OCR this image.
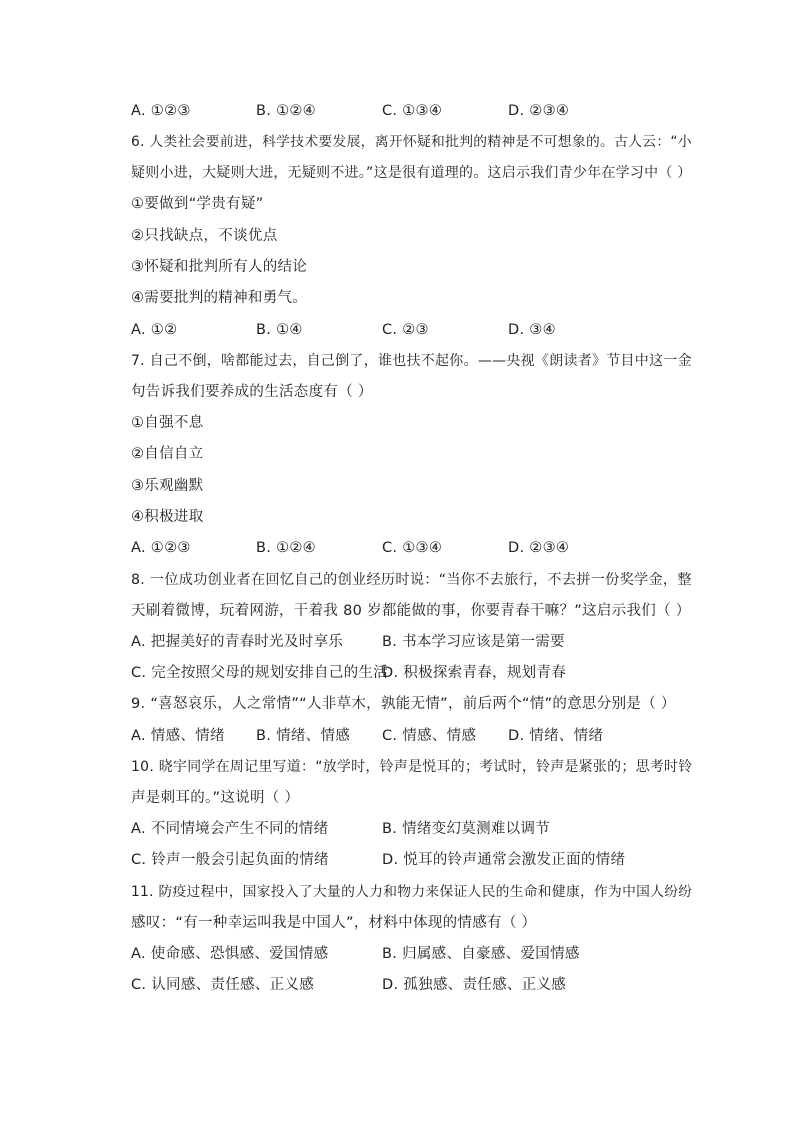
A. ①②③	B. ①②④	C. ①③④	D. ②③④
6. 人类社会要前进，科学技术要发展，离开怀疑和批判的精神是不可想象的。古人云：“小
疑则小进，大疑则大进，无疑则不进。”这是很有道理的。这启示我们青少年在学习中（ ）
①要做到“学贵有疑”
②只找缺点，不谈优点
③怀疑和批判所有人的结论
④需要批判的精神和勇气。
A. ①②	B. ①④	C. ②③	D. ③④
7. 自己不倒，啥都能过去，自己倒了，谁也扶不起你。——央视《朗读者》节目中这一金
句告诉我们要养成的生活态度有（ ）
①自强不息
②自信自立
③乐观幽默
④积极进取
A. ①②③	B. ①②④	C. ①③④	D. ②③④
8. 一位成功创业者在回忆自己的创业经历时说：“当你不去旅行，不去拼一份奖学金，整
天刷着微博，玩着网游，干着我 80 岁都能做的事，你要青春干嘛？”这启示我们（ ）
A. 把握美好的青春时光及时享乐	B. 书本学习应该是第一需要
C. 完全按照父母的规划安排自己的生活
D. 积极探索青春，规划青春
9. “喜怒哀乐，人之常情”“人非草木，孰能无情”，前后两个“情”的意思分别是（ ）
A. 情感、情绪 B. 情绪、情感 C. 情感、情感 D. 情绪、情绪
10. 晓宇同学在周记里写道：“放学时，铃声是悦耳的；考试时，铃声是紧张的；思考时铃
声是刺耳的。”这说明（ ）
A. 不同情境会产生不同的情绪	B. 情绪变幻莫测难以调节
C. 铃声一般会引起负面的情绪	D. 悦耳的铃声通常会激发正面的情绪
11. 防疫过程中，国家投入了大量的人力和物力来保证人民的生命和健康，作为中国人纷纷
感叹：“有一种幸运叫我是中国人”，材料中体现的情感有（ ）
A. 使命感、恐惧感、爱国情感	B. 归属感、自豪感、爱国情感
C. 认同感、责任感、正义感	D. 孤独感、责任感、正义感
